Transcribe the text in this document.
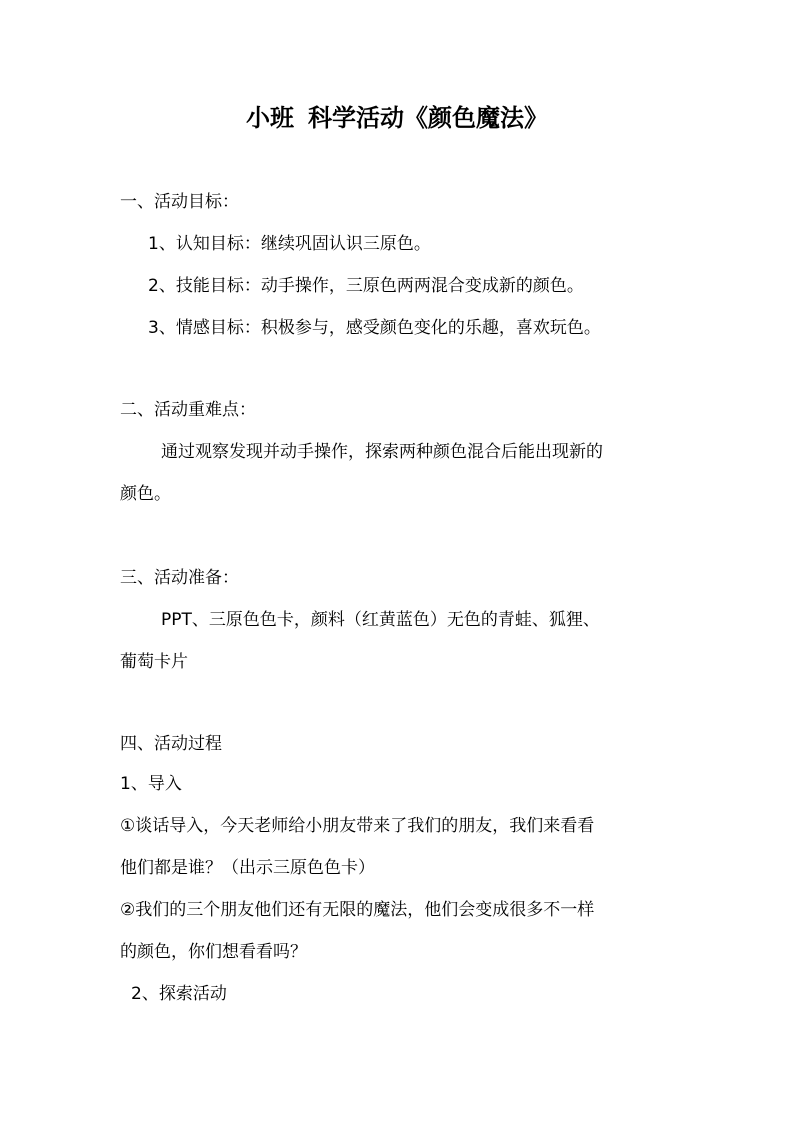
小班 科学活动《颜色魔法》

一、活动目标：

1、认知目标：继续巩固认识三原色。

2、技能目标：动手操作，三原色两两混合变成新的颜色。

3、情感目标：积极参与，感受颜色变化的乐趣，喜欢玩色。

二、活动重难点：

通过观察发现并动手操作，探索两种颜色混合后能出现新的

颜色。

三、活动准备：

PPT、三原色色卡，颜料（红黄蓝色）无色的青蛙、狐狸、

葡萄卡片

四、活动过程

1、导入

①谈话导入，今天老师给小朋友带来了我们的朋友，我们来看看

他们都是谁？（出示三原色色卡）

②我们的三个朋友他们还有无限的魔法，他们会变成很多不一样

的颜色，你们想看看吗？

2、探索活动
